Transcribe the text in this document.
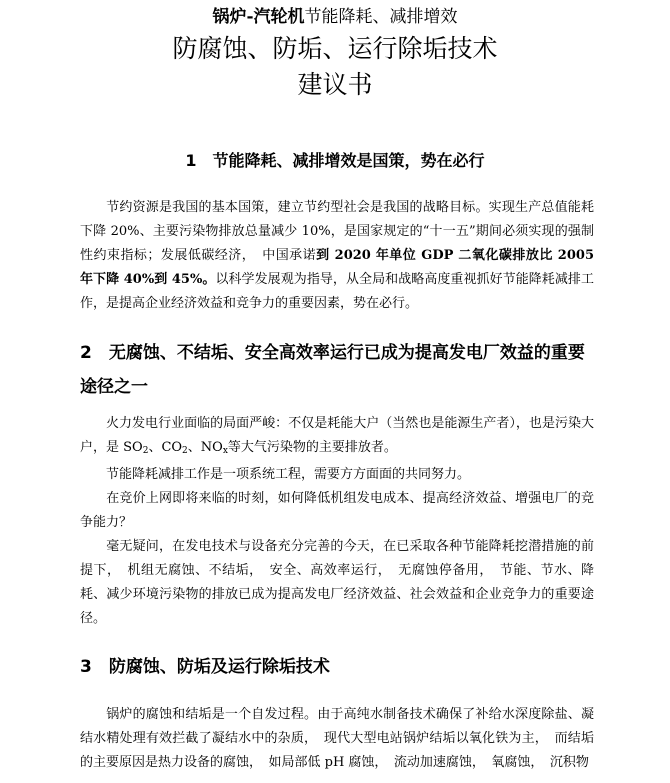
锅炉-汽轮机节能降耗、减排增效
防腐蚀、防垢、运行除垢技术
建议书
1　节能降耗、减排增效是国策，势在必行
节约资源是我国的基本国策，建立节约型社会是我国的战略目标。实现生产总值能耗下降 20%、主要污染物排放总量减少 10%，是国家规定的“十一五”期间必须实现的强制性约束指标；发展低碳经济，　中国承诺到 2020 年单位 GDP 二氧化碳排放比 2005 年下降 40%到 45%。以科学发展观为指导，从全局和战略高度重视抓好节能降耗减排工作，是提高企业经济效益和竞争力的重要因素，势在必行。
2　无腐蚀、不结垢、安全高效率运行已成为提高发电厂效益的重要途径之一
火力发电行业面临的局面严峻：不仅是耗能大户（当然也是能源生产者），也是污染大户，是 $SO_2$、$CO_2$、$NO_x$等大气污染物的主要排放者。
节能降耗减排工作是一项系统工程，需要方方面面的共同努力。
在竞价上网即将来临的时刻，如何降低机组发电成本、提高经济效益、增强电厂的竞争能力？
毫无疑问，在发电技术与设备充分完善的今天，在已采取各种节能降耗挖潜措施的前提下，　机组无腐蚀、不结垢，　安全、高效率运行，　无腐蚀停备用，　节能、节水、降耗、减少环境污染物的排放已成为提高发电厂经济效益、社会效益和企业竞争力的重要途径。
3　防腐蚀、防垢及运行除垢技术
锅炉的腐蚀和结垢是一个自发过程。由于高纯水制备技术确保了补给水深度除盐、凝结水精处理有效拦截了凝结水中的杂质，　现代大型电站锅炉结垢以氧化铁为主，　而结垢的主要原因是热力设备的腐蚀，　如局部低 pH 腐蚀，　流动加速腐蚀，　氧腐蚀，　沉积物
